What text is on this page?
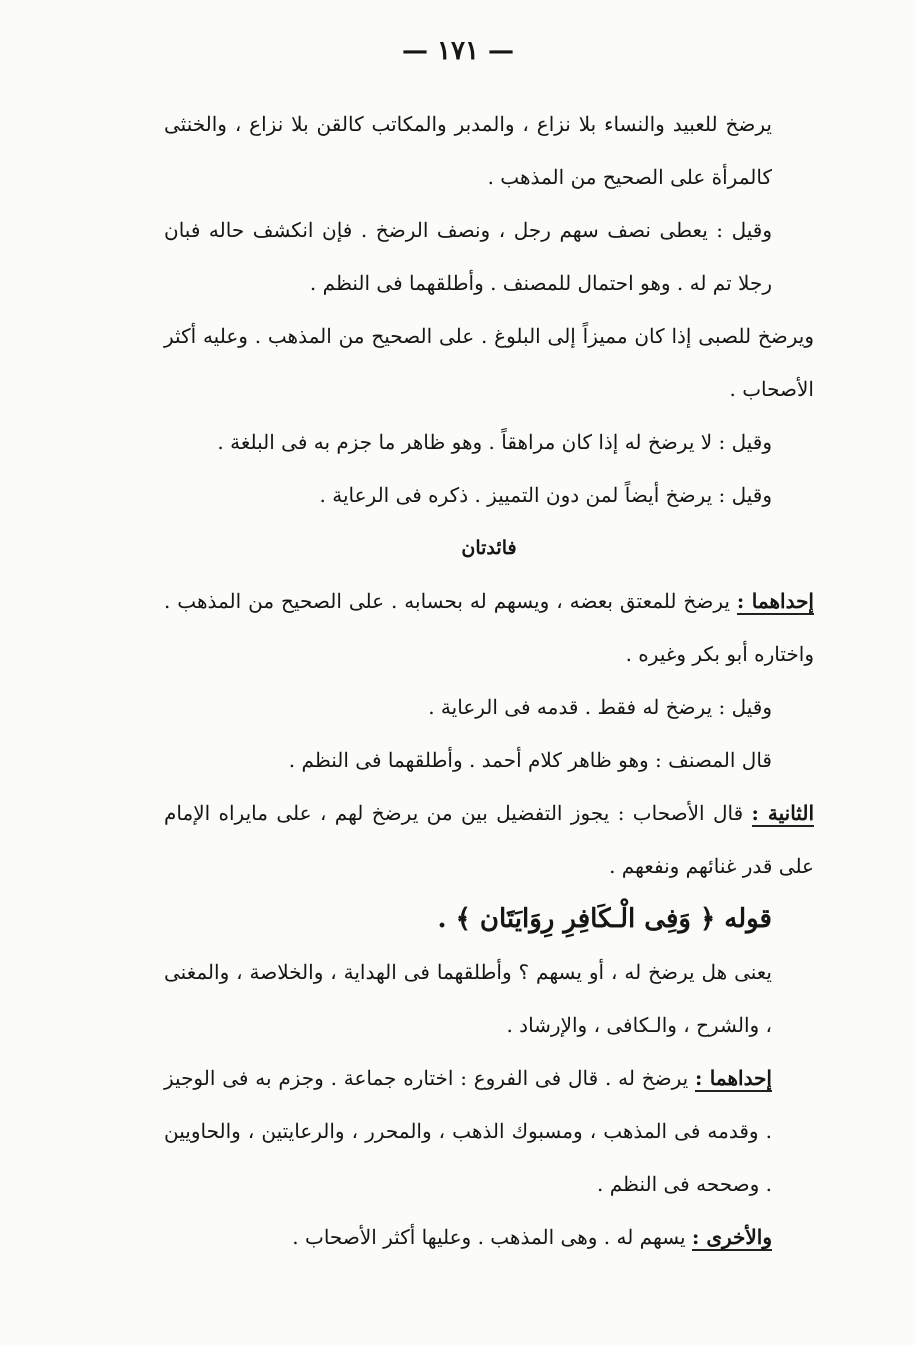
— ١٧١ —

يرضخ للعبيد والنساء بلا نزاع ، والمدبر والمكاتب كالقن بلا نزاع ، والخنثى كالمرأة على الصحيح من المذهب .

وقيل : يعطى نصف سهم رجل ، ونصف الرضخ . فإن انكشف حاله فبان رجلا تم له . وهو احتمال للمصنف . وأطلقهما فى النظم .

ويرضخ للصبى إذا كان مميزاً إلى البلوغ . على الصحيح من المذهب . وعليه أكثر الأصحاب .

وقيل : لا يرضخ له إذا كان مراهقاً . وهو ظاهر ما جزم به فى البلغة .

وقيل : يرضخ أيضاً لمن دون التمييز . ذكره فى الرعاية .

فائدتان

إحداهما : يرضخ للمعتق بعضه ، ويسهم له بحسابه . على الصحيح من المذهب . واختاره أبو بكر وغيره .

وقيل : يرضخ له فقط . قدمه فى الرعاية .

قال المصنف : وهو ظاهر كلام أحمد . وأطلقهما فى النظم .

الثانية : قال الأصحاب : يجوز التفضيل بين من يرضخ لهم ، على مايراه الإمام على قدر غنائهم ونفعهم .

قوله ﴿ وَفِى الْـكَافِرِ رِوَايَتَان ﴾ .

يعنى هل يرضخ له ، أو يسهم ؟ وأطلقهما فى الهداية ، والخلاصة ، والمغنى ، والشرح ، والـكافى ، والإرشاد .

إحداهما : يرضخ له . قال فى الفروع : اختاره جماعة . وجزم به فى الوجيز . وقدمه فى المذهب ، ومسبوك الذهب ، والمحرر ، والرعايتين ، والحاويين . وصححه فى النظم .

والأخرى : يسهم له . وهى المذهب . وعليها أكثر الأصحاب .
